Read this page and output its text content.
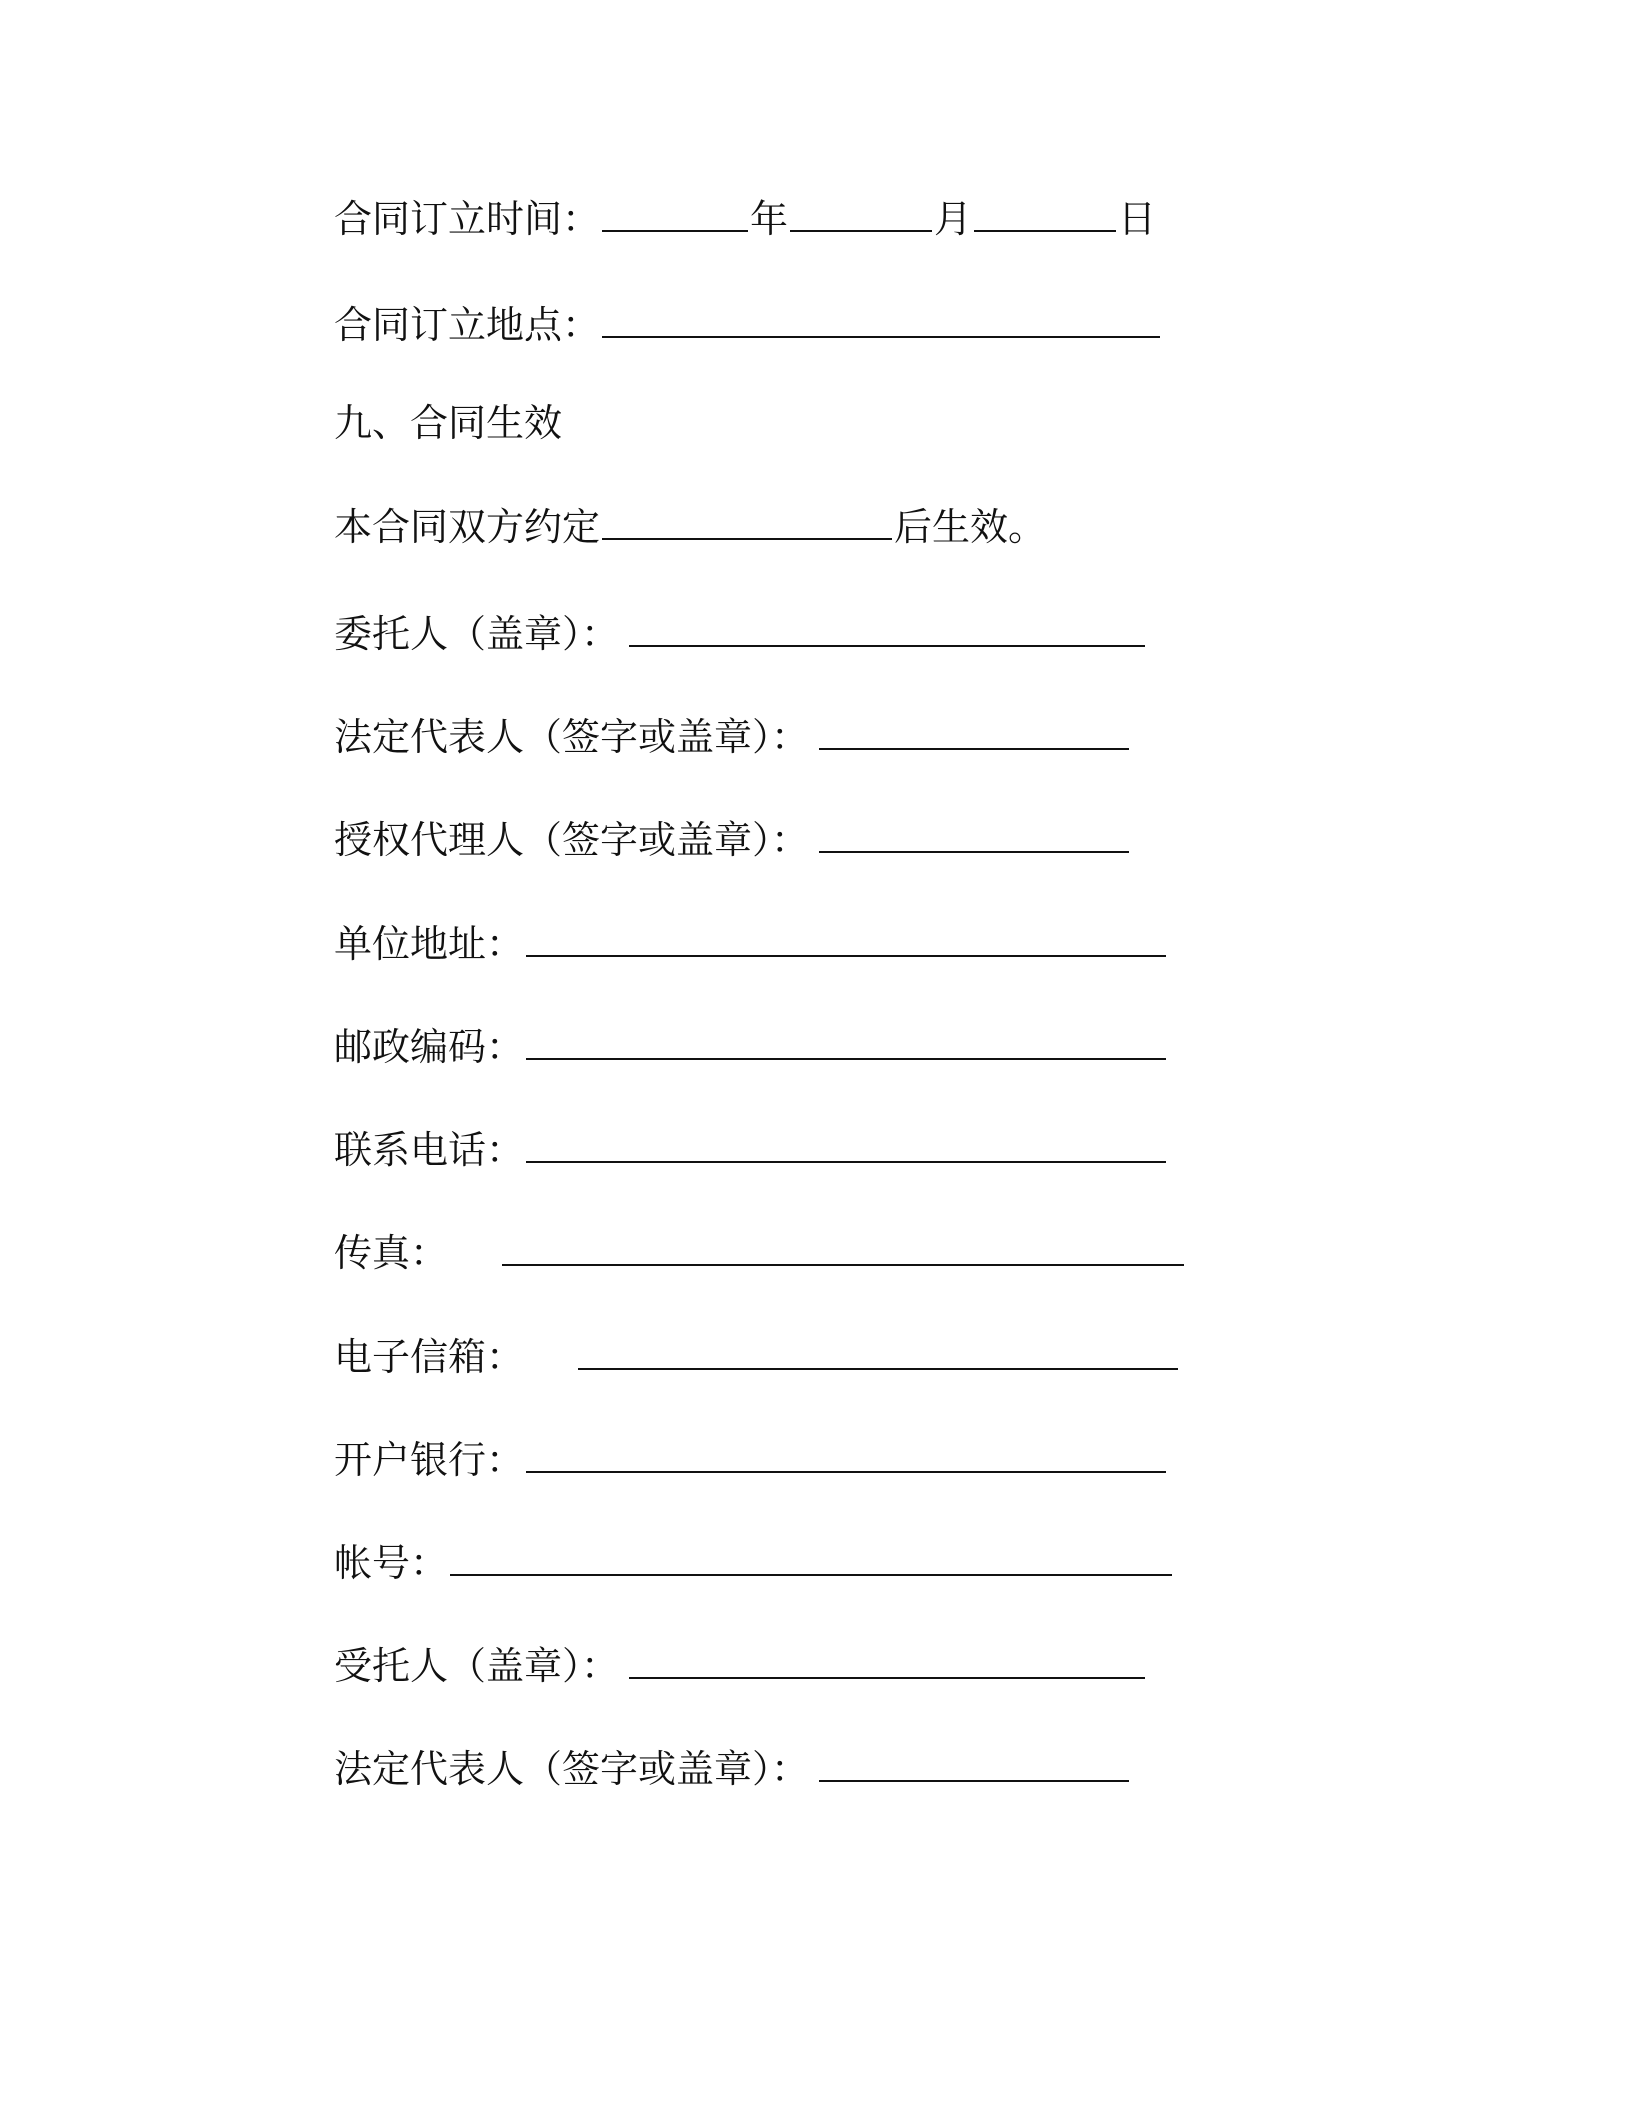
合同订立时间：	年	月	日
合同订立地点：
九、合同生效
本合同双方约定	后生效。
委托人（盖章）：
法定代表人（签字或盖章）：
授权代理人（签字或盖章）：
单位地址：
邮政编码：
联系电话：
传真：
电子信箱：
开户银行：
帐号：
受托人（盖章）：
法定代表人（签字或盖章）：
